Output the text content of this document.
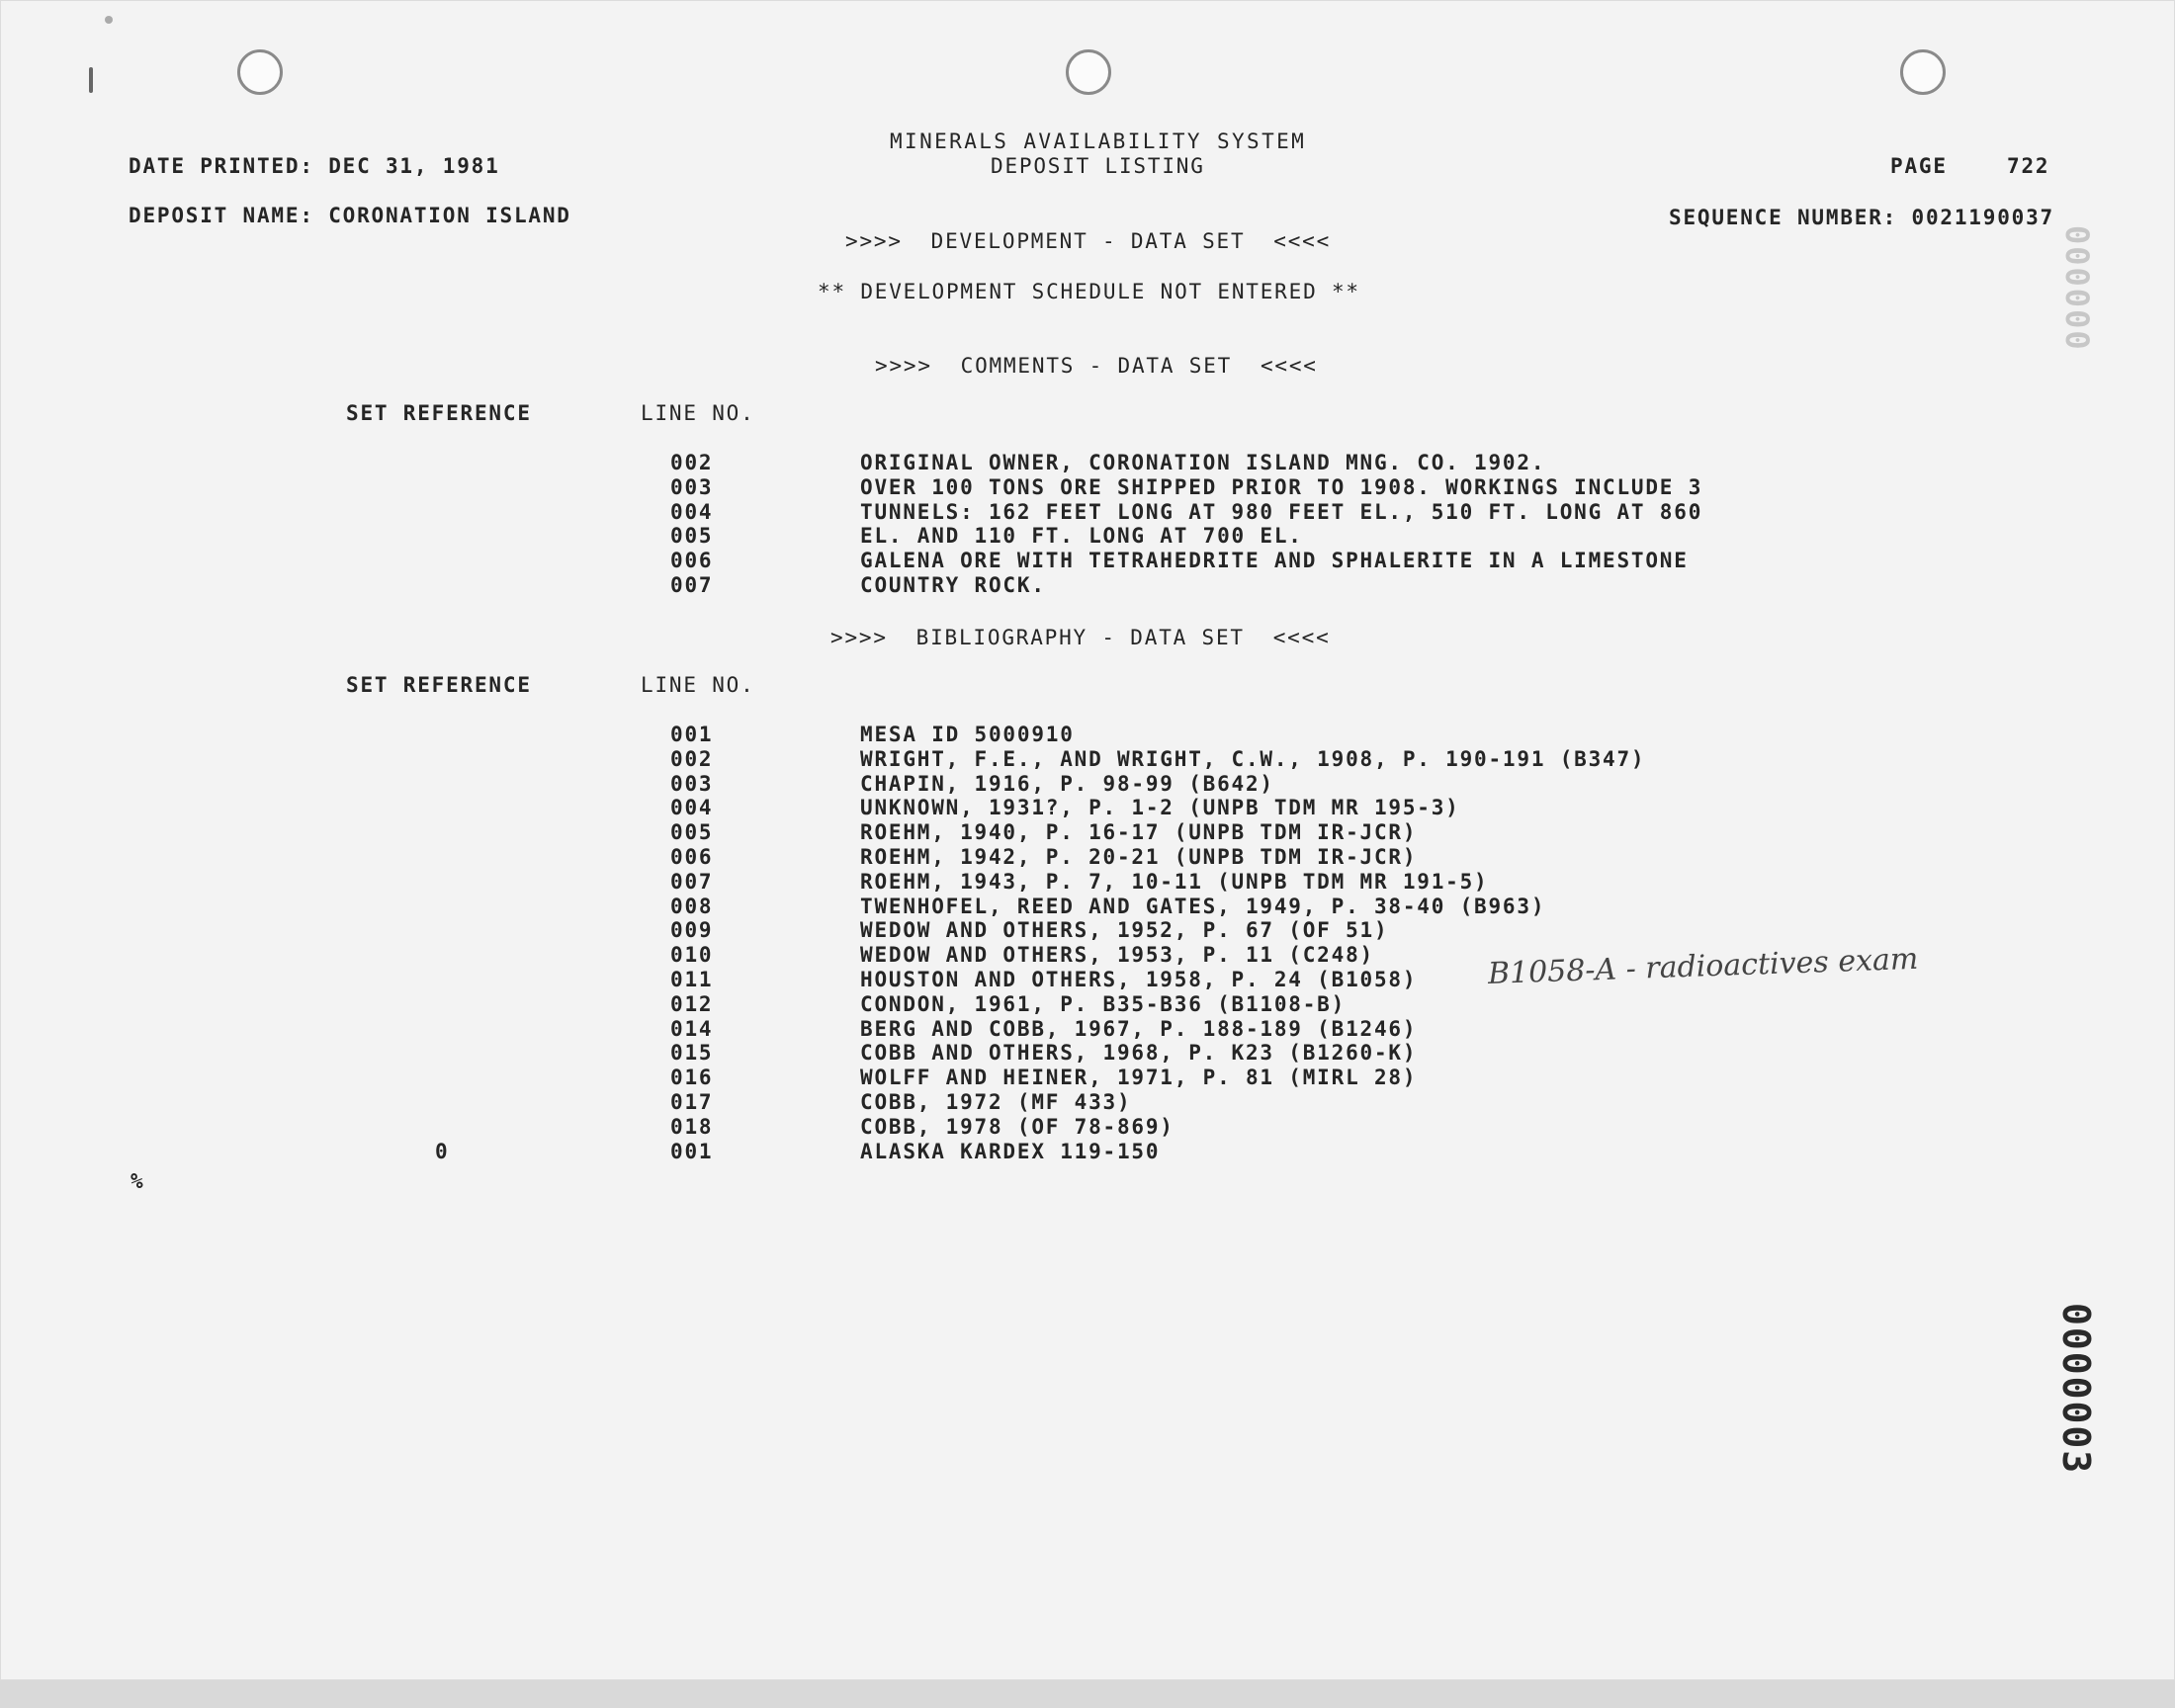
MINERALS AVAILABILITY SYSTEM
DEPOSIT LISTING
DATE PRINTED: DEC 31, 1981	PAGE	722
DEPOSIT NAME: CORONATION ISLAND	SEQUENCE NUMBER: 0021190037
>>>>  DEVELOPMENT - DATA SET  <<<<
** DEVELOPMENT SCHEDULE NOT ENTERED **
>>>>  COMMENTS - DATA SET  <<<<
SET REFERENCE	LINE NO.
002	ORIGINAL OWNER, CORONATION ISLAND MNG. CO. 1902.
003	OVER 100 TONS ORE SHIPPED PRIOR TO 1908. WORKINGS INCLUDE 3
004	TUNNELS: 162 FEET LONG AT 980 FEET EL., 510 FT. LONG AT 860
005	EL. AND 110 FT. LONG AT 700 EL.
006	GALENA ORE WITH TETRAHEDRITE AND SPHALERITE IN A LIMESTONE
007	COUNTRY ROCK.
>>>>  BIBLIOGRAPHY - DATA SET  <<<<
SET REFERENCE	LINE NO.
001	MESA ID 5000910
002	WRIGHT, F.E., AND WRIGHT, C.W., 1908, P. 190-191 (B347)
003	CHAPIN, 1916, P. 98-99 (B642)
004	UNKNOWN, 1931?, P. 1-2 (UNPB TDM MR 195-3)
005	ROEHM, 1940, P. 16-17 (UNPB TDM IR-JCR)
006	ROEHM, 1942, P. 20-21 (UNPB TDM IR-JCR)
007	ROEHM, 1943, P. 7, 10-11 (UNPB TDM MR 191-5)
008	TWENHOFEL, REED AND GATES, 1949, P. 38-40 (B963)
009	WEDOW AND OTHERS, 1952, P. 67 (OF 51)
010	WEDOW AND OTHERS, 1953, P. 11 (C248)
011	HOUSTON AND OTHERS, 1958, P. 24 (B1058)
012	CONDON, 1961, P. B35-B36 (B1108-B)
014	BERG AND COBB, 1967, P. 188-189 (B1246)
015	COBB AND OTHERS, 1968, P. K23 (B1260-K)
016	WOLFF AND HEINER, 1971, P. 81 (MIRL 28)
017	COBB, 1972 (MF 433)
018	COBB, 1978 (OF 78-869)
0	001	ALASKA KARDEX 119-150
B1058-A - radioactives exam
%
000000
0000003
